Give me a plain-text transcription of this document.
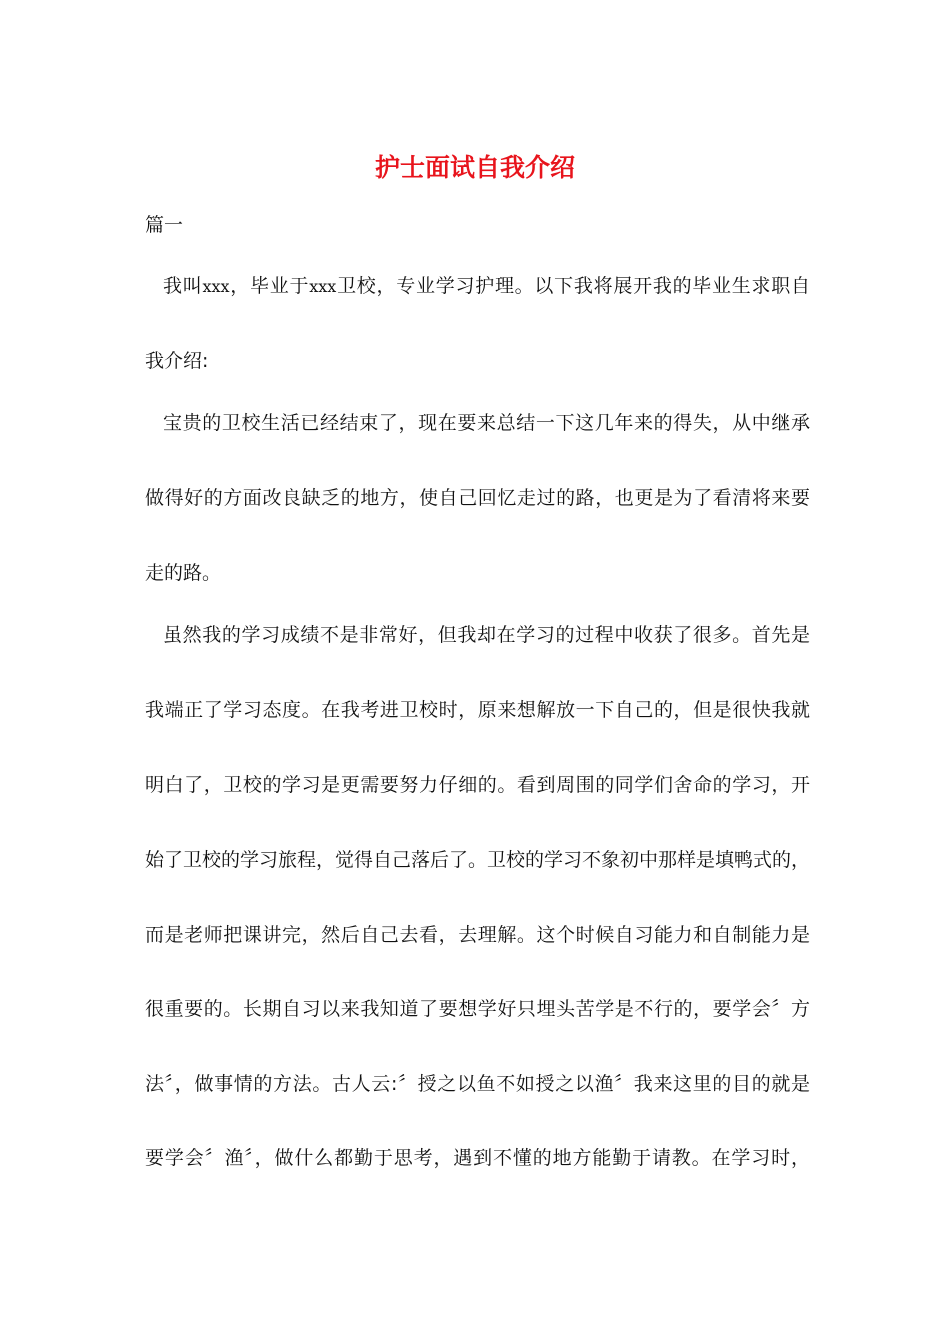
护士面试自我介绍

篇一

我叫xxx，毕业于xxx卫校，专业学习护理。以下我将展开我的毕业生求职自

我介绍:

宝贵的卫校生活已经结束了，现在要来总结一下这几年来的得失，从中继承

做得好的方面改良缺乏的地方，使自己回忆走过的路，也更是为了看清将来要

走的路。

虽然我的学习成绩不是非常好，但我却在学习的过程中收获了很多。首先是

我端正了学习态度。在我考进卫校时，原来想解放一下自己的，但是很快我就

明白了，卫校的学习是更需要努力仔细的。看到周围的同学们舍命的学习，开

始了卫校的学习旅程，觉得自己落后了。卫校的学习不象初中那样是填鸭式的，

而是老师把课讲完，然后自己去看，去理解。这个时候自习能力和自制能力是

很重要的。长期自习以来我知道了要想学好只埋头苦学是不行的，要学会〞方

法〞，做事情的方法。古人云:〞授之以鱼不如授之以渔〞我来这里的目的就是

要学会〞渔〞，做什么都勤于思考，遇到不懂的地方能勤于请教。在学习时，
